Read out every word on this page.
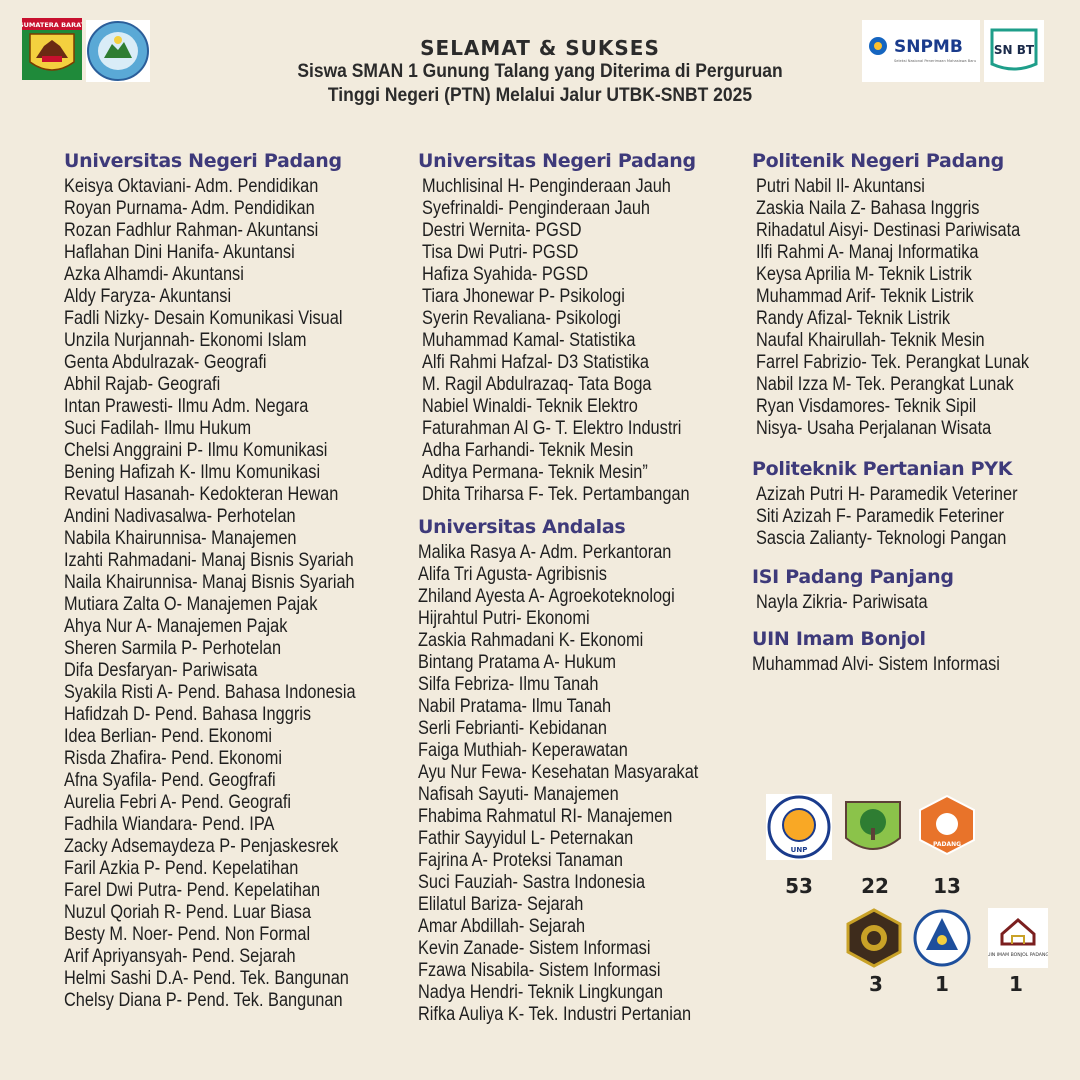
SUMATERA BARAT
SNPMB
Seleksi Nasional Penerimaan Mahasiswa Baru
SN BT
SELAMAT & SUKSES
Siswa SMAN 1 Gunung Talang yang Diterima di Perguruan
Tinggi Negeri (PTN) Melalui Jalur UTBK-SNBT 2025
Universitas Negeri Padang
Keisya Oktaviani- Adm. Pendidikan
Royan Purnama- Adm. Pendidikan
Rozan Fadhlur Rahman- Akuntansi
Haflahan Dini Hanifa- Akuntansi
Azka Alhamdi- Akuntansi
Aldy Faryza- Akuntansi
Fadli Nizky- Desain Komunikasi Visual
Unzila Nurjannah- Ekonomi Islam
Genta Abdulrazak- Geografi
Abhil Rajab- Geografi
Intan Prawesti- Ilmu Adm. Negara
Suci Fadilah- Ilmu Hukum
Chelsi Anggraini P- Ilmu Komunikasi
Bening Hafizah K- Ilmu Komunikasi
Revatul Hasanah- Kedokteran Hewan
Andini Nadivasalwa- Perhotelan
Nabila Khairunnisa- Manajemen
Izahti Rahmadani- Manaj Bisnis Syariah
Naila Khairunnisa- Manaj Bisnis Syariah
Mutiara Zalta O- Manajemen Pajak
Ahya Nur A- Manajemen Pajak
Sheren Sarmila P- Perhotelan
Difa Desfaryan- Pariwisata
Syakila Risti A- Pend. Bahasa Indonesia
Hafidzah D- Pend. Bahasa Inggris
Idea Berlian- Pend. Ekonomi
Risda Zhafira- Pend. Ekonomi
Afna Syafila- Pend. Geogfrafi
Aurelia Febri A- Pend. Geografi
Fadhila Wiandara- Pend. IPA
Zacky Adsemaydeza P- Penjaskesrek
Faril Azkia P- Pend. Kepelatihan
Farel Dwi Putra- Pend. Kepelatihan
Nuzul Qoriah R- Pend. Luar Biasa
Besty M. Noer- Pend. Non Formal
Arif Apriyansyah- Pend. Sejarah
Helmi Sashi D.A- Pend. Tek. Bangunan
Chelsy Diana P- Pend. Tek. Bangunan
Universitas Negeri Padang
Muchlisinal H- Penginderaan Jauh
Syefrinaldi- Penginderaan Jauh
Destri Wernita- PGSD
Tisa Dwi Putri- PGSD
Hafiza Syahida- PGSD
Tiara Jhonewar P- Psikologi
Syerin Revaliana- Psikologi
Muhammad Kamal- Statistika
Alfi Rahmi Hafzal- D3 Statistika
M. Ragil Abdulrazaq- Tata Boga
Nabiel Winaldi- Teknik Elektro
Faturahman Al G- T. Elektro Industri
Adha Farhandi- Teknik Mesin
Aditya Permana- Teknik Mesin”
Dhita Triharsa F- Tek. Pertambangan
Universitas Andalas
Malika Rasya A- Adm. Perkantoran
Alifa Tri Agusta- Agribisnis
Zhiland Ayesta A- Agroekoteknologi
Hijrahtul Putri- Ekonomi
Zaskia Rahmadani K- Ekonomi
Bintang Pratama A- Hukum
Silfa Febriza- Ilmu Tanah
Nabil Pratama- Ilmu Tanah
Serli Febrianti- Kebidanan
Faiga Muthiah- Keperawatan
Ayu Nur Fewa- Kesehatan Masyarakat
Nafisah Sayuti- Manajemen
Fhabima Rahmatul RI- Manajemen
Fathir Sayyidul L- Peternakan
Fajrina A- Proteksi Tanaman
Suci Fauziah- Sastra Indonesia
Elilatul Bariza- Sejarah
Amar Abdillah- Sejarah
Kevin Zanade- Sistem Informasi
Fzawa Nisabila- Sistem Informasi
Nadya Hendri- Teknik Lingkungan
Rifka Auliya K- Tek. Industri Pertanian
Politenik Negeri Padang
Putri Nabil Il- Akuntansi
Zaskia Naila Z- Bahasa Inggris
Rihadatul Aisyi- Destinasi Pariwisata
Ilfi Rahmi A- Manaj Informatika
Keysa Aprilia M- Teknik Listrik
Muhammad Arif- Teknik Listrik
Randy Afizal- Teknik Listrik
Naufal Khairullah- Teknik Mesin
Farrel Fabrizio- Tek. Perangkat Lunak
Nabil Izza M- Tek. Perangkat Lunak
Ryan Visdamores- Teknik Sipil
Nisya- Usaha Perjalanan Wisata
Politeknik Pertanian PYK
Azizah Putri H- Paramedik Veteriner
Siti Azizah F- Paramedik Feteriner
Sascia Zalianty- Teknologi Pangan
ISI Padang Panjang
Nayla Zikria- Pariwisata
UIN Imam Bonjol
Muhammad Alvi- Sistem Informasi
UNP
PADANG
53	22	13
UIN IMAM BONJOL PADANG
3	1	1
